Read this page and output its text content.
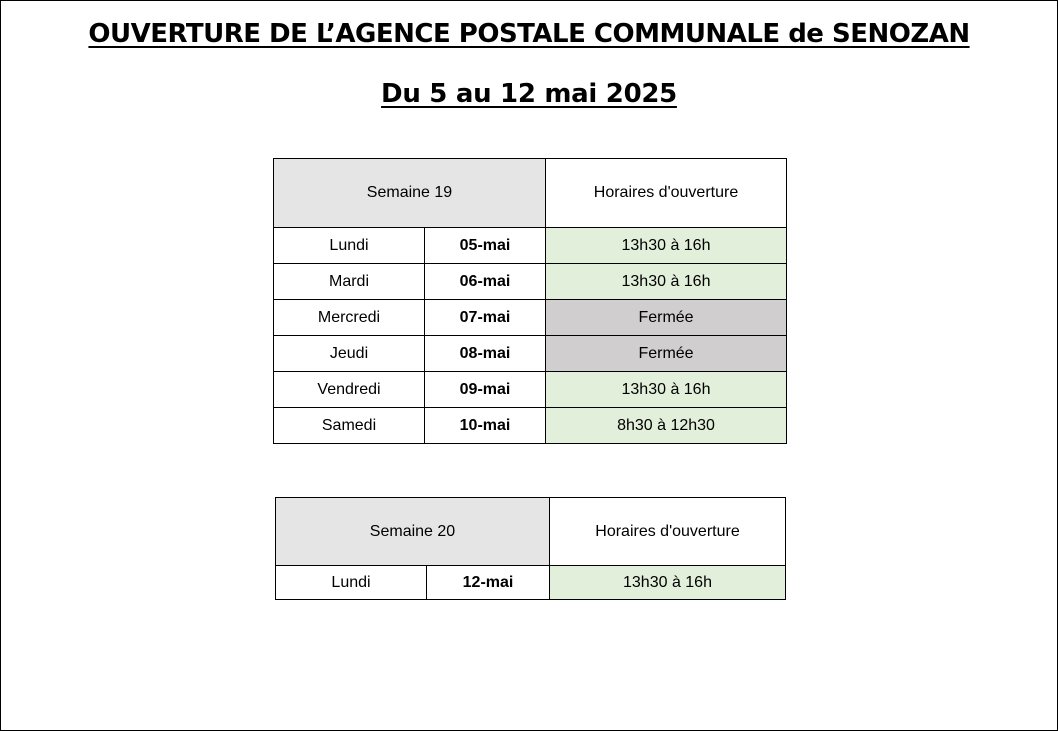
OUVERTURE DE L’AGENCE POSTALE COMMUNALE de SENOZAN
Du 5 au 12 mai 2025
Semaine 19		Horaires d'ouverture
Lundi	05-mai	13h30 à 16h
Mardi	06-mai	13h30 à 16h
Mercredi	07-mai	Fermée
Jeudi	08-mai	Fermée
Vendredi	09-mai	13h30 à 16h
Samedi	10-mai	8h30 à 12h30
Semaine 20		Horaires d'ouverture
Lundi	12-mai	13h30 à 16h
